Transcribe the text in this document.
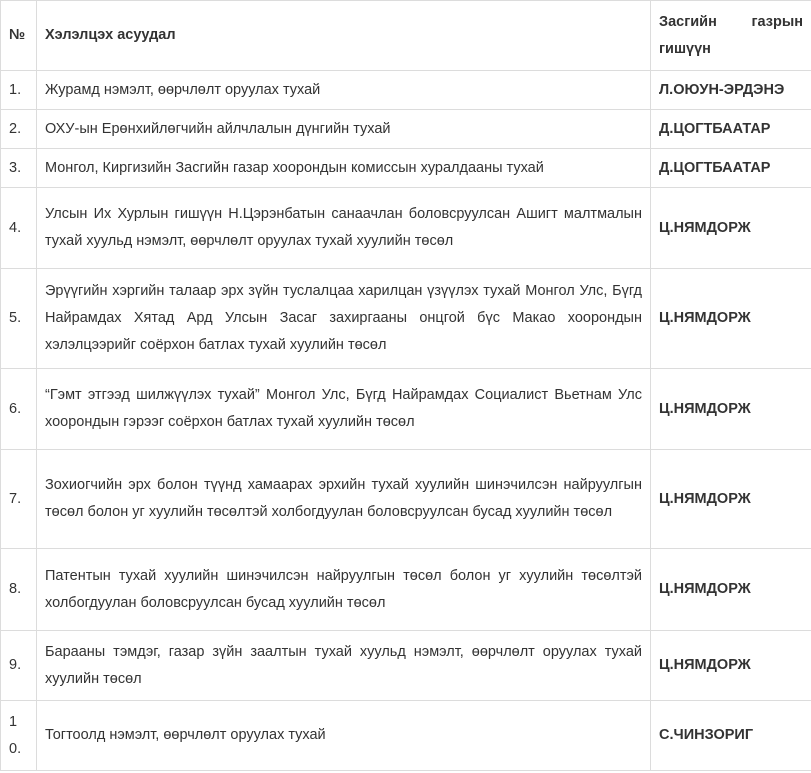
№	Хэлэлцэх асуудал	Засгийн газрын
гишүүн

1.	Журамд нэмэлт, өөрчлөлт оруулах тухай	Л.ОЮУН-ЭРДЭНЭ
2.	ОХУ-ын Ерөнхийлөгчийн айлчлалын дүнгийн тухай	Д.ЦОГТБААТАР
3.	Монгол, Киргизийн Засгийн газар хоорондын комиссын хуралдааны тухай	Д.ЦОГТБААТАР
4.	Улсын Их Хурлын гишүүн Н.Цэрэнбатын санаачлан боловсруулсан Ашигт малтмалын тухай хуульд нэмэлт, өөрчлөлт оруулах тухай хуулийн төсөл	Ц.НЯМДОРЖ
5.	Эрүүгийн хэргийн талаар эрх зүйн туслалцаа харилцан үзүүлэх тухай Монгол Улс, Бүгд Найрамдах Хятад Ард Улсын Засаг захиргааны онцгой бүс Макао хоорондын хэлэлцээрийг соёрхон батлах тухай хуулийн төсөл	Ц.НЯМДОРЖ
6.	“Гэмт этгээд шилжүүлэх тухай” Монгол Улс, Бүгд Найрамдах Социалист Вьетнам Улс хоорондын гэрээг соёрхон батлах тухай хуулийн төсөл	Ц.НЯМДОРЖ
7.	Зохиогчийн эрх болон түүнд хамаарах эрхийн тухай хуулийн шинэчилсэн найруулгын төсөл болон уг хуулийн төсөлтэй холбогдуулан боловсруулсан бусад хуулийн төсөл	Ц.НЯМДОРЖ
8.	Патентын тухай хуулийн шинэчилсэн найруулгын төсөл болон уг хуулийн төсөлтэй холбогдуулан боловсруулсан бусад хуулийн төсөл	Ц.НЯМДОРЖ
9.	Барааны тэмдэг, газар зүйн заалтын тухай хуульд нэмэлт, өөрчлөлт оруулах тухай хуулийн төсөл	Ц.НЯМДОРЖ
10.	Тогтоолд нэмэлт, өөрчлөлт оруулах тухай	С.ЧИНЗОРИГ
